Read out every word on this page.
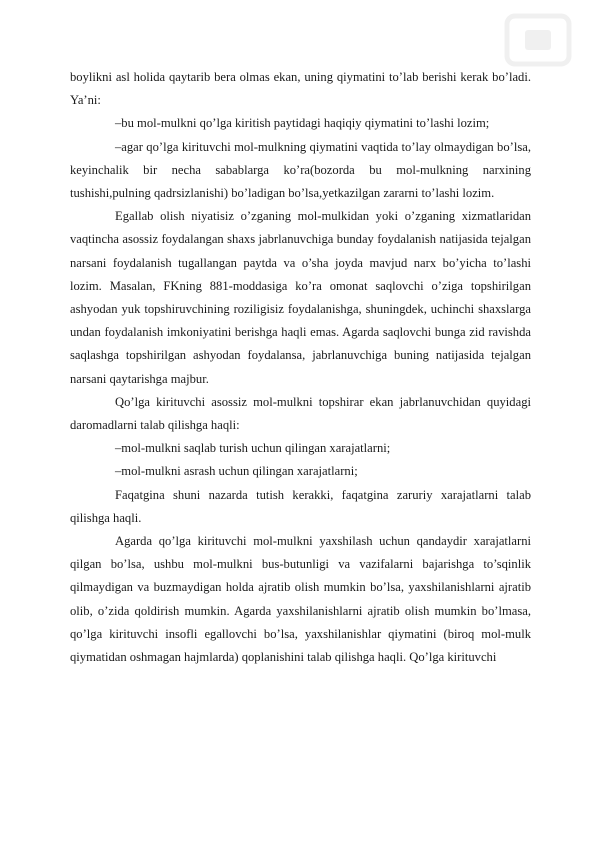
boylikni asl holida qaytarib bera olmas ekan, uning qiymatini to’lab berishi kerak bo’ladi. Ya’ni:

–bu mol-mulkni qo’lga kiritish paytidagi haqiqiy qiymatini to’lashi lozim;

–agar qo’lga kirituvchi mol-mulkning qiymatini vaqtida to’lay olmaydigan bo’lsa, keyinchalik bir necha sabablarga ko’ra(bozorda bu mol-mulkning narxining tushishi,pulning qadrsizlanishi) bo’ladigan bo’lsa,yetkazilgan zararni to’lashi lozim.

Egallab olish niyatisiz o’zganing mol-mulkidan yoki o’zganing xizmatlaridan vaqtincha asossiz foydalangan shaxs jabrlanuvchiga bunday foydalanish natijasida tejalgan narsani foydalanish tugallangan paytda va o’sha joyda mavjud narx bo’yicha to’lashi lozim. Masalan, FKning 881-moddasiga ko’ra omonat saqlovchi o’ziga topshirilgan ashyodan yuk topshiruvchining roziligisiz foydalanishga, shuningdek, uchinchi shaxslarga undan foydalanish imkoniyatini berishga haqli emas. Agarda saqlovchi bunga zid ravishda saqlashga topshirilgan ashyodan foydalansa, jabrlanuvchiga buning natijasida tejalgan narsani qaytarishga majbur.

Qo’lga kirituvchi asossiz mol-mulkni topshirar ekan jabrlanuvchidan quyidagi daromadlarni talab qilishga haqli:

–mol-mulkni saqlab turish uchun qilingan xarajatlarni;

–mol-mulkni asrash uchun qilingan xarajatlarni;

Faqatgina shuni nazarda tutish kerakki, faqatgina zaruriy xarajatlarni talab qilishga haqli.

Agarda qo’lga kirituvchi mol-mulkni yaxshilash uchun qandaydir xarajatlarni qilgan bo’lsa, ushbu mol-mulkni bus-butunligi va vazifalarni bajarishga to’sqinlik qilmaydigan va buzmaydigan holda ajratib olish mumkin bo’lsa, yaxshilanishlarni ajratib olib, o’zida qoldirish mumkin. Agarda yaxshilanishlarni ajratib olish mumkin bo’lmasa, qo’lga kirituvchi insofli egallovchi bo’lsa, yaxshilanishlar qiymatini (biroq mol-mulk qiymatidan oshmagan hajmlarda) qoplanishini talab qilishga haqli. Qo’lga kirituvchi
